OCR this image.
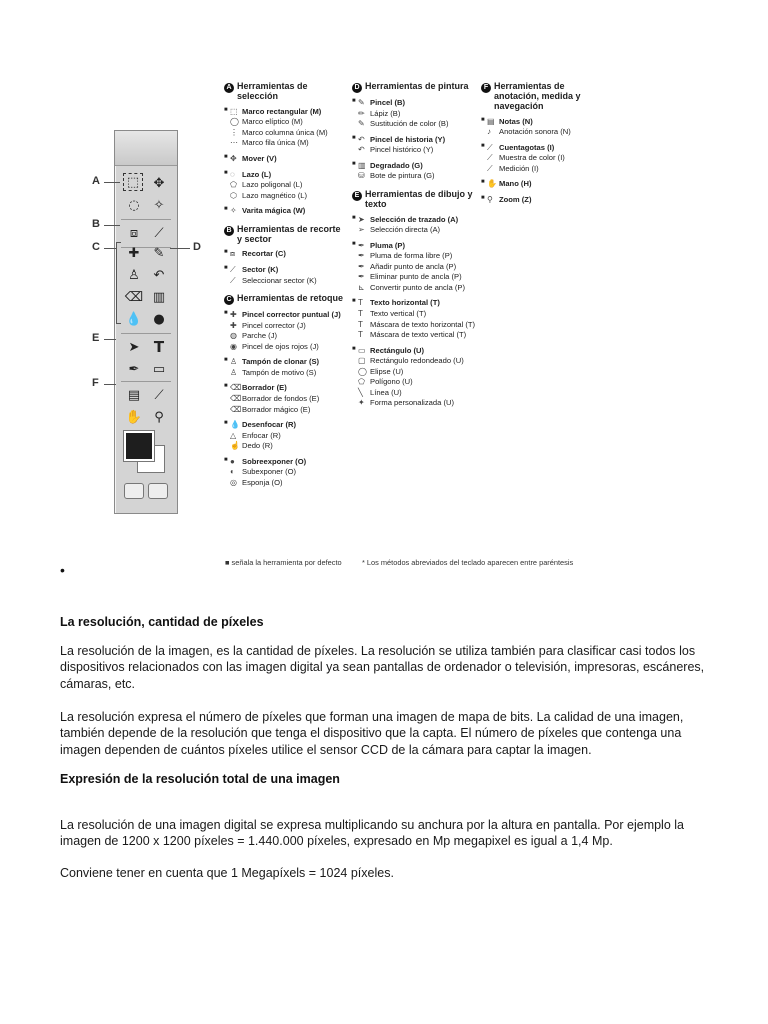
⬚	✥
◌	✧
⧈	⟋
✚	✎
♙	↶
⌫ ▥
💧 ●
➤ T
✒	▭
▤	⟋
✋ ⚲
A
B
C	D
E
F
A Herramientas de selección
■ ⬚ Marco rectangular (M)
◯ Marco elíptico (M)
⋮ Marco columna única (M)
⋯ Marco fila única (M)
■ ✥ Mover (V)
■ ◌ Lazo (L)
⬠ Lazo poligonal (L)
⬡ Lazo magnético (L)
■ ✧ Varita mágica (W)
B Herramientas de recorte y sector
■ ⧈ Recortar (C)
■ ⟋ Sector (K)
⟋ Seleccionar sector (K)
C Herramientas de retoque
■ ✚ Pincel corrector puntual (J)
✚ Pincel corrector (J)
◍ Parche (J)
◉ Pincel de ojos rojos (J)
■ ♙ Tampón de clonar (S)
♙ Tampón de motivo (S)
■ ⌫ Borrador (E)
⌫ Borrador de fondos (E)
⌫ Borrador mágico (E)
■ 💧 Desenfocar (R)
△ Enfocar (R)
☝ Dedo (R)
■ ● Sobreexponer (O)
◐ Subexponer (O)
◎ Esponja (O)
D Herramientas de pintura
■ ✎ Pincel (B)
✏ Lápiz (B)
✎ Sustitución de color (B)
■ ↶ Pincel de historia (Y)
↶ Pincel histórico (Y)
■ ▥ Degradado (G)
⛁ Bote de pintura (G)
E Herramientas de dibujo y texto
■ ➤ Selección de trazado (A)
➢ Selección directa (A)
■ ✒ Pluma (P)
✒ Pluma de forma libre (P)
✒ Añadir punto de ancla (P)
✒ Eliminar punto de ancla (P)
⊾ Convertir punto de ancla (P)
■ T Texto horizontal (T)
T Texto vertical (T)
T Máscara de texto horizontal (T)
T Máscara de texto vertical (T)
■ ▭ Rectángulo (U)
▢ Rectángulo redondeado (U)
◯ Elipse (U)
⬠ Polígono (U)
╲ Línea (U)
✦ Forma personalizada (U)
F Herramientas de anotación, medida y navegación
■ ▤ Notas (N)
♪	Anotación sonora (N)
■ ⟋ Cuentagotas (I)
⟋ Muestra de color (I)
⟋ Medición (I)
■ ✋ Mano (H)
■ ⚲ Zoom (Z)
■ señala la herramienta por defecto	* Los métodos abreviados del teclado aparecen entre paréntesis
•
La resolución, cantidad de píxeles
La resolución de la imagen, es la cantidad de píxeles. La resolución se utiliza también para clasificar casi todos los dispositivos relacionados con las imagen digital ya sean pantallas de ordenador o televisión, impresoras, escáneres, cámaras, etc.
La resolución expresa el número de píxeles que forman una imagen de mapa de bits. La calidad de una imagen, también depende de la resolución que tenga el dispositivo que la capta. El número de píxeles que contenga una imagen dependen de cuántos píxeles utilice el sensor CCD de la cámara para captar la imagen.
Expresión de la resolución total de una imagen
La resolución de una imagen digital se expresa multiplicando su anchura por la altura en pantalla. Por ejemplo la imagen de 1200 x 1200 píxeles = 1.440.000 píxeles, expresado en Mp megapixel es igual a 1,4 Mp.
Conviene tener en cuenta que 1 Megapíxels = 1024 píxeles.
